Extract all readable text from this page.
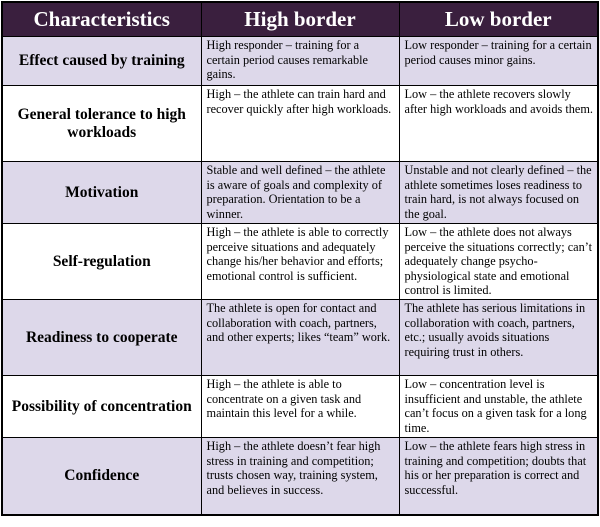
Characteristics	High border	Low border
Effect caused by training	High responder – training for a certain period causes remarkable gains.	Low responder – training for a certain period causes minor gains.
General tolerance to high workloads	High – the athlete can train hard and recover quickly after high workloads.	Low – the athlete recovers slowly after high workloads and avoids them.
Motivation	Stable and well defined – the athlete is aware of goals and complexity of preparation. Orientation to be a winner.	Unstable and not clearly defined – the athlete sometimes loses readiness to train hard, is not always focused on the goal.
Self-regulation	High – the athlete is able to correctly perceive situations and adequately change his/her behavior and efforts; emotional control is sufficient.	Low – the athlete does not always perceive the situations correctly; can’t adequately change psycho-physiological state and emotional control is limited.
Readiness to cooperate	The athlete is open for contact and collaboration with coach, partners, and other experts; likes “team” work.	The athlete has serious limitations in collaboration with coach, partners, etc.; usually avoids situations requiring trust in others.
Possibility of concentration	High – the athlete is able to concentrate on a given task and maintain this level for a while.	Low – concentration level is insufficient and unstable, the athlete can’t focus on a given task for a long time.
Confidence	High – the athlete doesn’t fear high stress in training and competition; trusts chosen way, training system, and believes in success.	Low – the athlete fears high stress in training and competition; doubts that his or her preparation is correct and successful.
